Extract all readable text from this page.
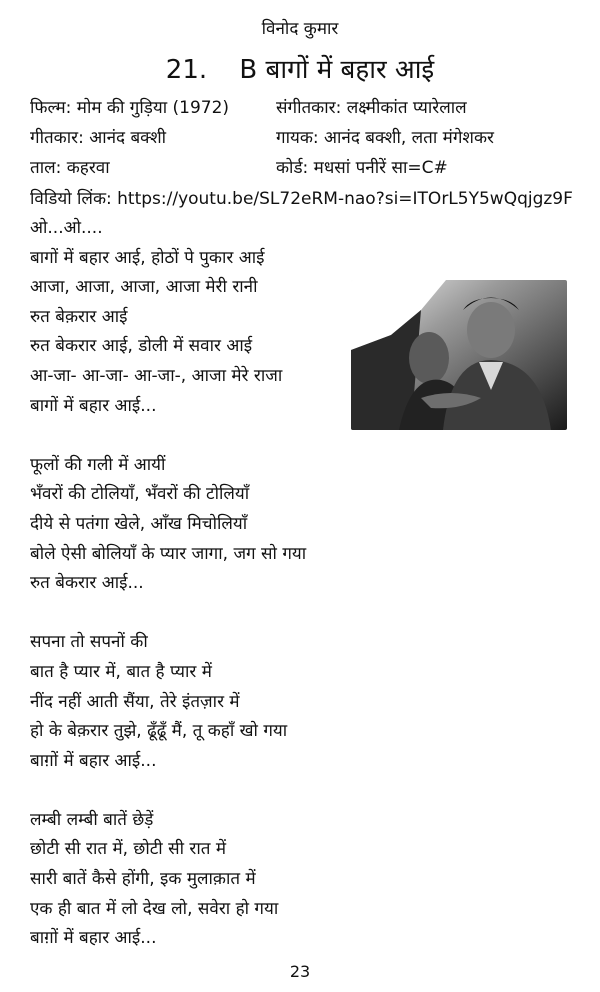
विनोद कुमार
21. B बागों में बहार आई
फिल्म: मोम की गुड़िया (1972)	संगीतकार: लक्ष्मीकांत प्यारेलाल
गीतकार: आनंद बक्शी	गायक: आनंद बक्शी, लता मंगेशकर
ताल: कहरवा	कोर्ड: मधसां पनीरें सा=C#
विडियो लिंक: https://youtu.be/SL72eRM-nao?si=ITOrL5Y5wQqjgz9F
ओ...ओ....
बागों में बहार आई, होठों पे पुकार आई
आजा, आजा, आजा, आजा मेरी रानी
रुत बेक़रार आई
रुत बेकरार आई, डोली में सवार आई
आ-जा- आ-जा- आ-जा-, आजा मेरे राजा
बागों में बहार आई...
फूलों की गली में आयीं
भँवरों की टोलियाँ, भँवरों की टोलियाँ
दीये से पतंगा खेले, आँख मिचोलियाँ
बोले ऐसी बोलियाँ के प्यार जागा, जग सो गया
रुत बेकरार आई...
सपना तो सपनों की
बात है प्यार में, बात है प्यार में
नींद नहीं आती सैंया, तेरे इंतज़ार में
हो के बेक़रार तुझे, ढूँढूँ मैं, तू कहाँ खो गया
बाग़ों में बहार आई...
लम्बी लम्बी बातें छेड़ें
छोटी सी रात में, छोटी सी रात में
सारी बातें कैसे होंगी, इक मुलाक़ात में
एक ही बात में लो देख लो, सवेरा हो गया
बाग़ों में बहार आई...
23
